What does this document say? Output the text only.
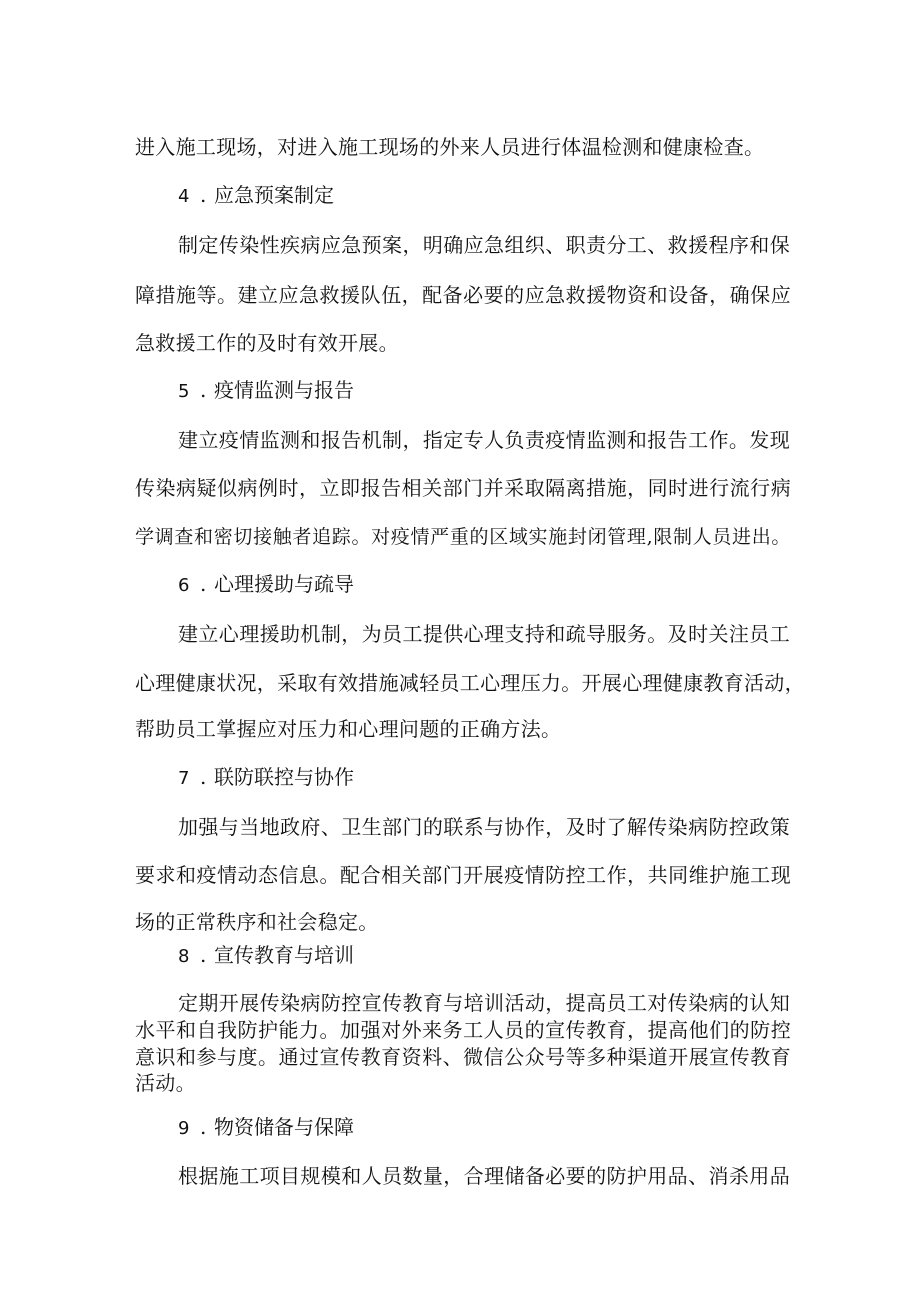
进入施工现场，对进入施工现场的外来人员进行体温检测和健康检查。
4 . 应急预案制定
制定传染性疾病应急预案，明确应急组织、职责分工、救援程序和保
障措施等。建立应急救援队伍，配备必要的应急救援物资和设备，确保应
急救援工作的及时有效开展。
5 . 疫情监测与报告
建立疫情监测和报告机制，指定专人负责疫情监测和报告工作。发现
传染病疑似病例时，立即报告相关部门并采取隔离措施，同时进行流行病
学调查和密切接触者追踪。对疫情严重的区域实施封闭管理,限制人员进出。
6 . 心理援助与疏导
建立心理援助机制，为员工提供心理支持和疏导服务。及时关注员工
心理健康状况，采取有效措施减轻员工心理压力。开展心理健康教育活动，
帮助员工掌握应对压力和心理问题的正确方法。
7 . 联防联控与协作
加强与当地政府、卫生部门的联系与协作，及时了解传染病防控政策
要求和疫情动态信息。配合相关部门开展疫情防控工作，共同维护施工现
场的正常秩序和社会稳定。
8 . 宣传教育与培训
定期开展传染病防控宣传教育与培训活动，提高员工对传染病的认知
水平和自我防护能力。加强对外来务工人员的宣传教育，提高他们的防控
意识和参与度。通过宣传教育资料、微信公众号等多种渠道开展宣传教育
活动。
9 . 物资储备与保障
根据施工项目规模和人员数量，合理储备必要的防护用品、消杀用品
